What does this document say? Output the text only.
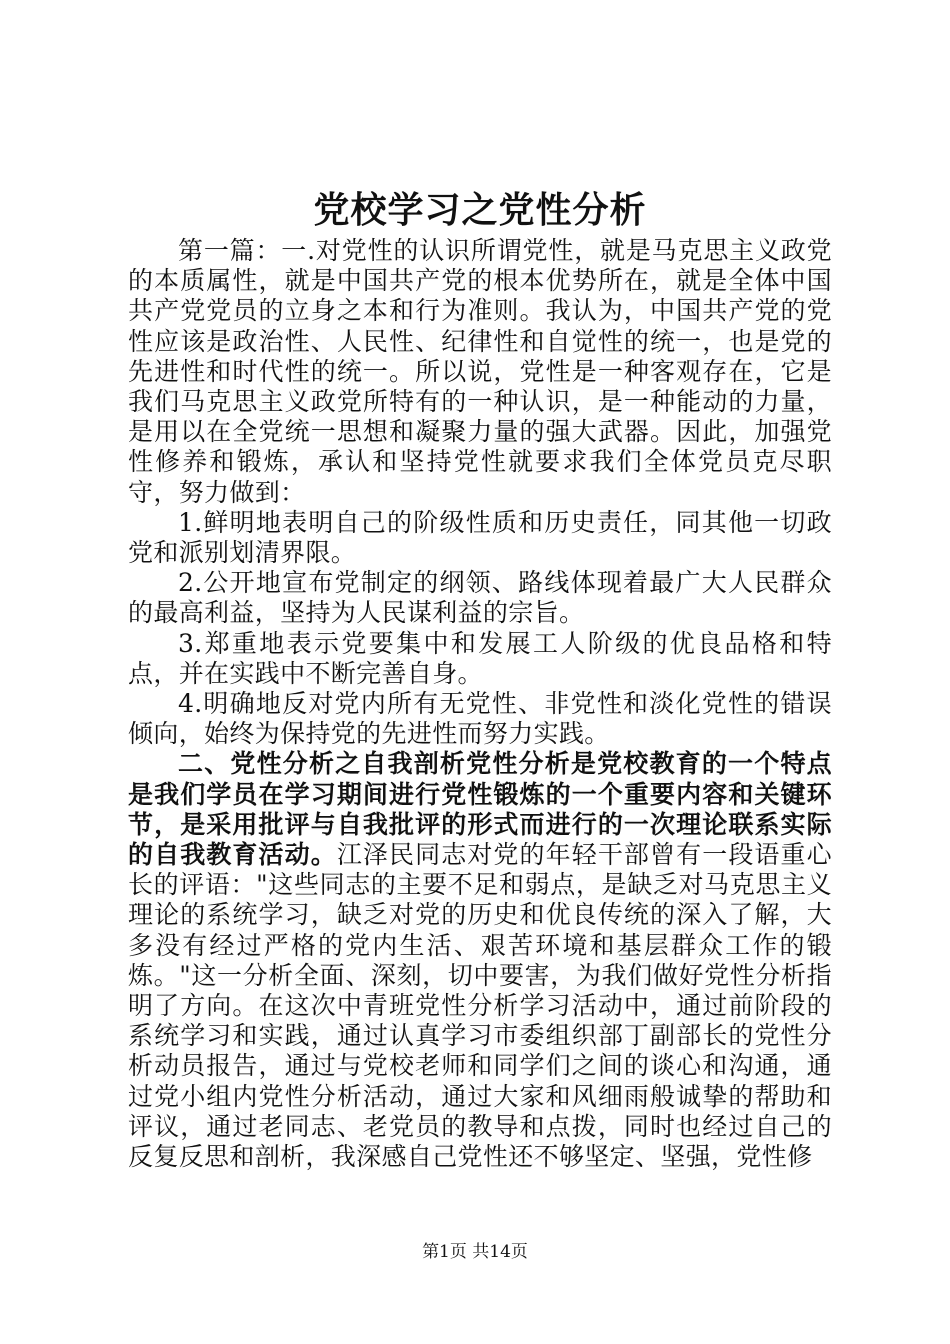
党校学习之党性分析

第一篇：一.对党性的认识所谓党性，就是马克思主义政党的本质属性，就是中国共产党的根本优势所在，就是全体中国共产党党员的立身之本和行为准则。我认为，中国共产党的党性应该是政治性、人民性、纪律性和自觉性的统一，也是党的先进性和时代性的统一。所以说，党性是一种客观存在，它是我们马克思主义政党所特有的一种认识，是一种能动的力量，是用以在全党统一思想和凝聚力量的强大武器。因此，加强党性修养和锻炼，承认和坚持党性就要求我们全体党员克尽职守，努力做到：

1.鲜明地表明自己的阶级性质和历史责任，同其他一切政党和派别划清界限。

2.公开地宣布党制定的纲领、路线体现着最广大人民群众的最高利益，坚持为人民谋利益的宗旨。

3.郑重地表示党要集中和发展工人阶级的优良品格和特点，并在实践中不断完善自身。

4.明确地反对党内所有无党性、非党性和淡化党性的错误倾向，始终为保持党的先进性而努力实践。

二、党性分析之自我剖析党性分析是党校教育的一个特点是我们学员在学习期间进行党性锻炼的一个重要内容和关键环节，是采用批评与自我批评的形式而进行的一次理论联系实际的自我教育活动。江泽民同志对党的年轻干部曾有一段语重心长的评语："这些同志的主要不足和弱点，是缺乏对马克思主义理论的系统学习，缺乏对党的历史和优良传统的深入了解，大多没有经过严格的党内生活、艰苦环境和基层群众工作的锻炼。"这一分析全面、深刻，切中要害，为我们做好党性分析指明了方向。在这次中青班党性分析学习活动中，通过前阶段的系统学习和实践，通过认真学习市委组织部丁副部长的党性分析动员报告，通过与党校老师和同学们之间的谈心和沟通，通过党小组内党性分析活动，通过大家和风细雨般诚挚的帮助和评议，通过老同志、老党员的教导和点拨，同时也经过自己的反复反思和剖析，我深感自己党性还不够坚定、坚强，党性修

第1页 共14页
